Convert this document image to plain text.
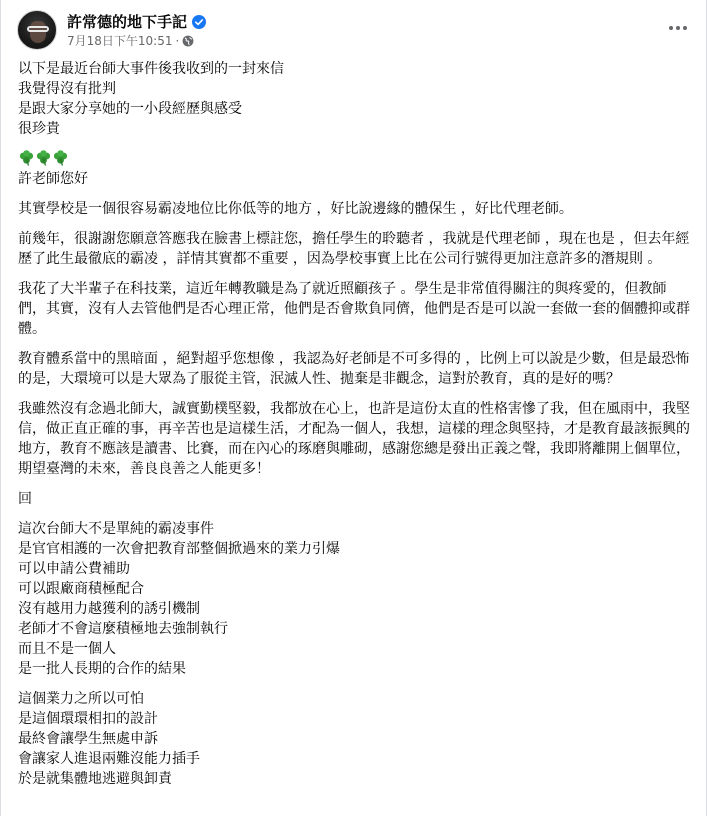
許常德的地下手記
7月18日下午10:51 ·
以下是最近台師大事件後我收到的一封來信
我覺得沒有批判
是跟大家分享她的一小段經歷與感受
很珍貴
許老師您好
其實學校是一個很容易霸凌地位比你低等的地方 ，好比說邊緣的體保生 ，好比代理老師。
前幾年，很謝謝您願意答應我在臉書上標註您，擔任學生的聆聽者 ，我就是代理老師 ，現在也是 ，但去年經歷了此生最徹底的霸凌 ，詳情其實都不重要 ，因為學校事實上比在公司行號得更加注意許多的潛規則 。
我花了大半輩子在科技業，這近年轉教職是為了就近照顧孩子 。學生是非常值得關注的與疼愛的，但教師們，其實，沒有人去管他們是否心理正常，他們是否會欺負同儕，他們是否是可以說一套做一套的個體抑或群體。
教育體系當中的黑暗面 ，絕對超乎您想像 ，我認為好老師是不可多得的 ，比例上可以說是少數，但是最恐怖的是，大環境可以是大眾為了服從主管，泯滅人性、拋棄是非觀念，這對於教育，真的是好的嗎？
我雖然沒有念過北師大，誠實勤樸堅毅，我都放在心上，也許是這份太直的性格害慘了我，但在風雨中，我堅信，做正直正確的事，再辛苦也是這樣生活，才配為一個人，我想，這樣的理念與堅持，才是教育最該振興的地方，教育不應該是讀書、比賽，而在內心的琢磨與雕砌，感謝您總是發出正義之聲，我即將離開上個單位，期望臺灣的未來，善良良善之人能更多！
回
這次台師大不是單純的霸凌事件
是官官相護的一次會把教育部整個掀過來的業力引爆
可以申請公費補助
可以跟廠商積極配合
沒有越用力越獲利的誘引機制
老師才不會這麼積極地去強制執行
而且不是一個人
是一批人長期的合作的結果
這個業力之所以可怕
是這個環環相扣的設計
最終會讓學生無處申訴
會讓家人進退兩難沒能力插手
於是就集體地逃避與卸責
